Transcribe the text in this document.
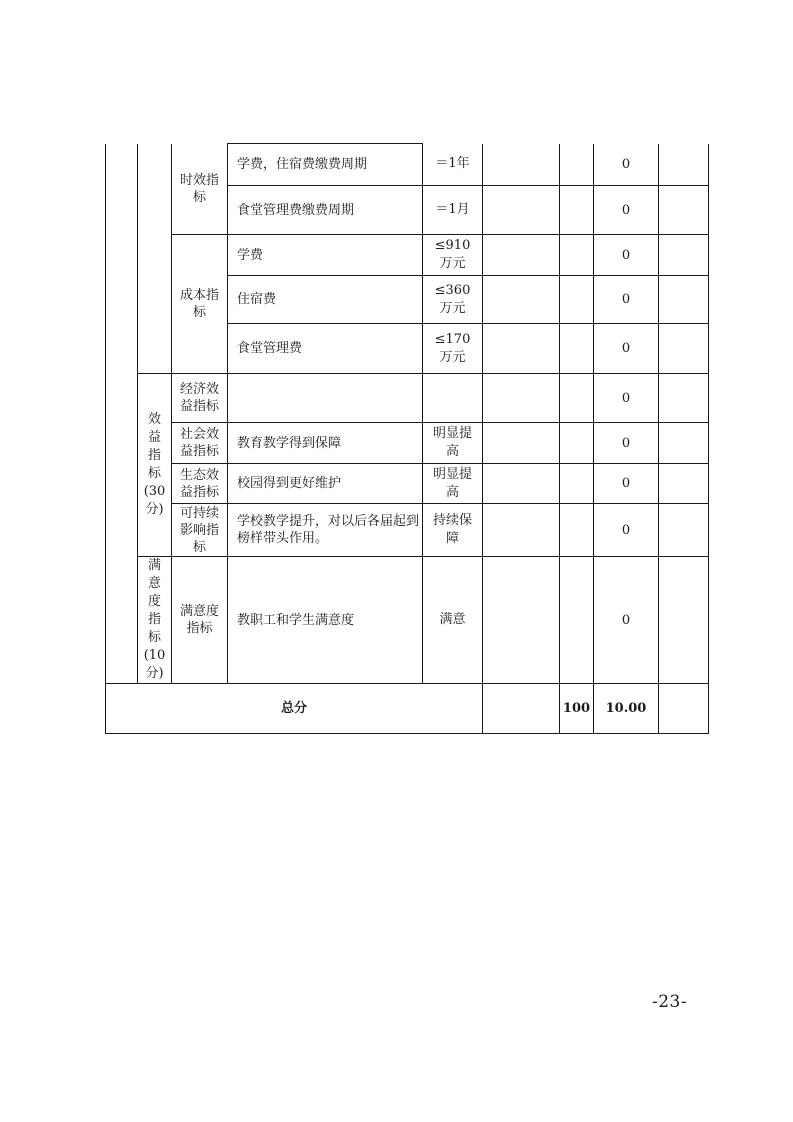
		时效指标	学费，住宿费缴费周期	＝1年			0	
			食堂管理费缴费周期	＝1月			0	
		成本指标	学费	≤910万元			0	
			住宿费	≤360万元			0	
			食堂管理费	≤170万元			0	
	效益指标(30分)	经济效益指标					0	
		社会效益指标	教育教学得到保障	明显提高			0	
		生态效益指标	校园得到更好维护	明显提高			0	
		可持续影响指标	学校教学提升，对以后各届起到榜样带头作用。	持续保障			0	
	满意度指标(10分)	满意度指标	教职工和学生满意度	满意			0	
总分						100	10.00	
-23-
